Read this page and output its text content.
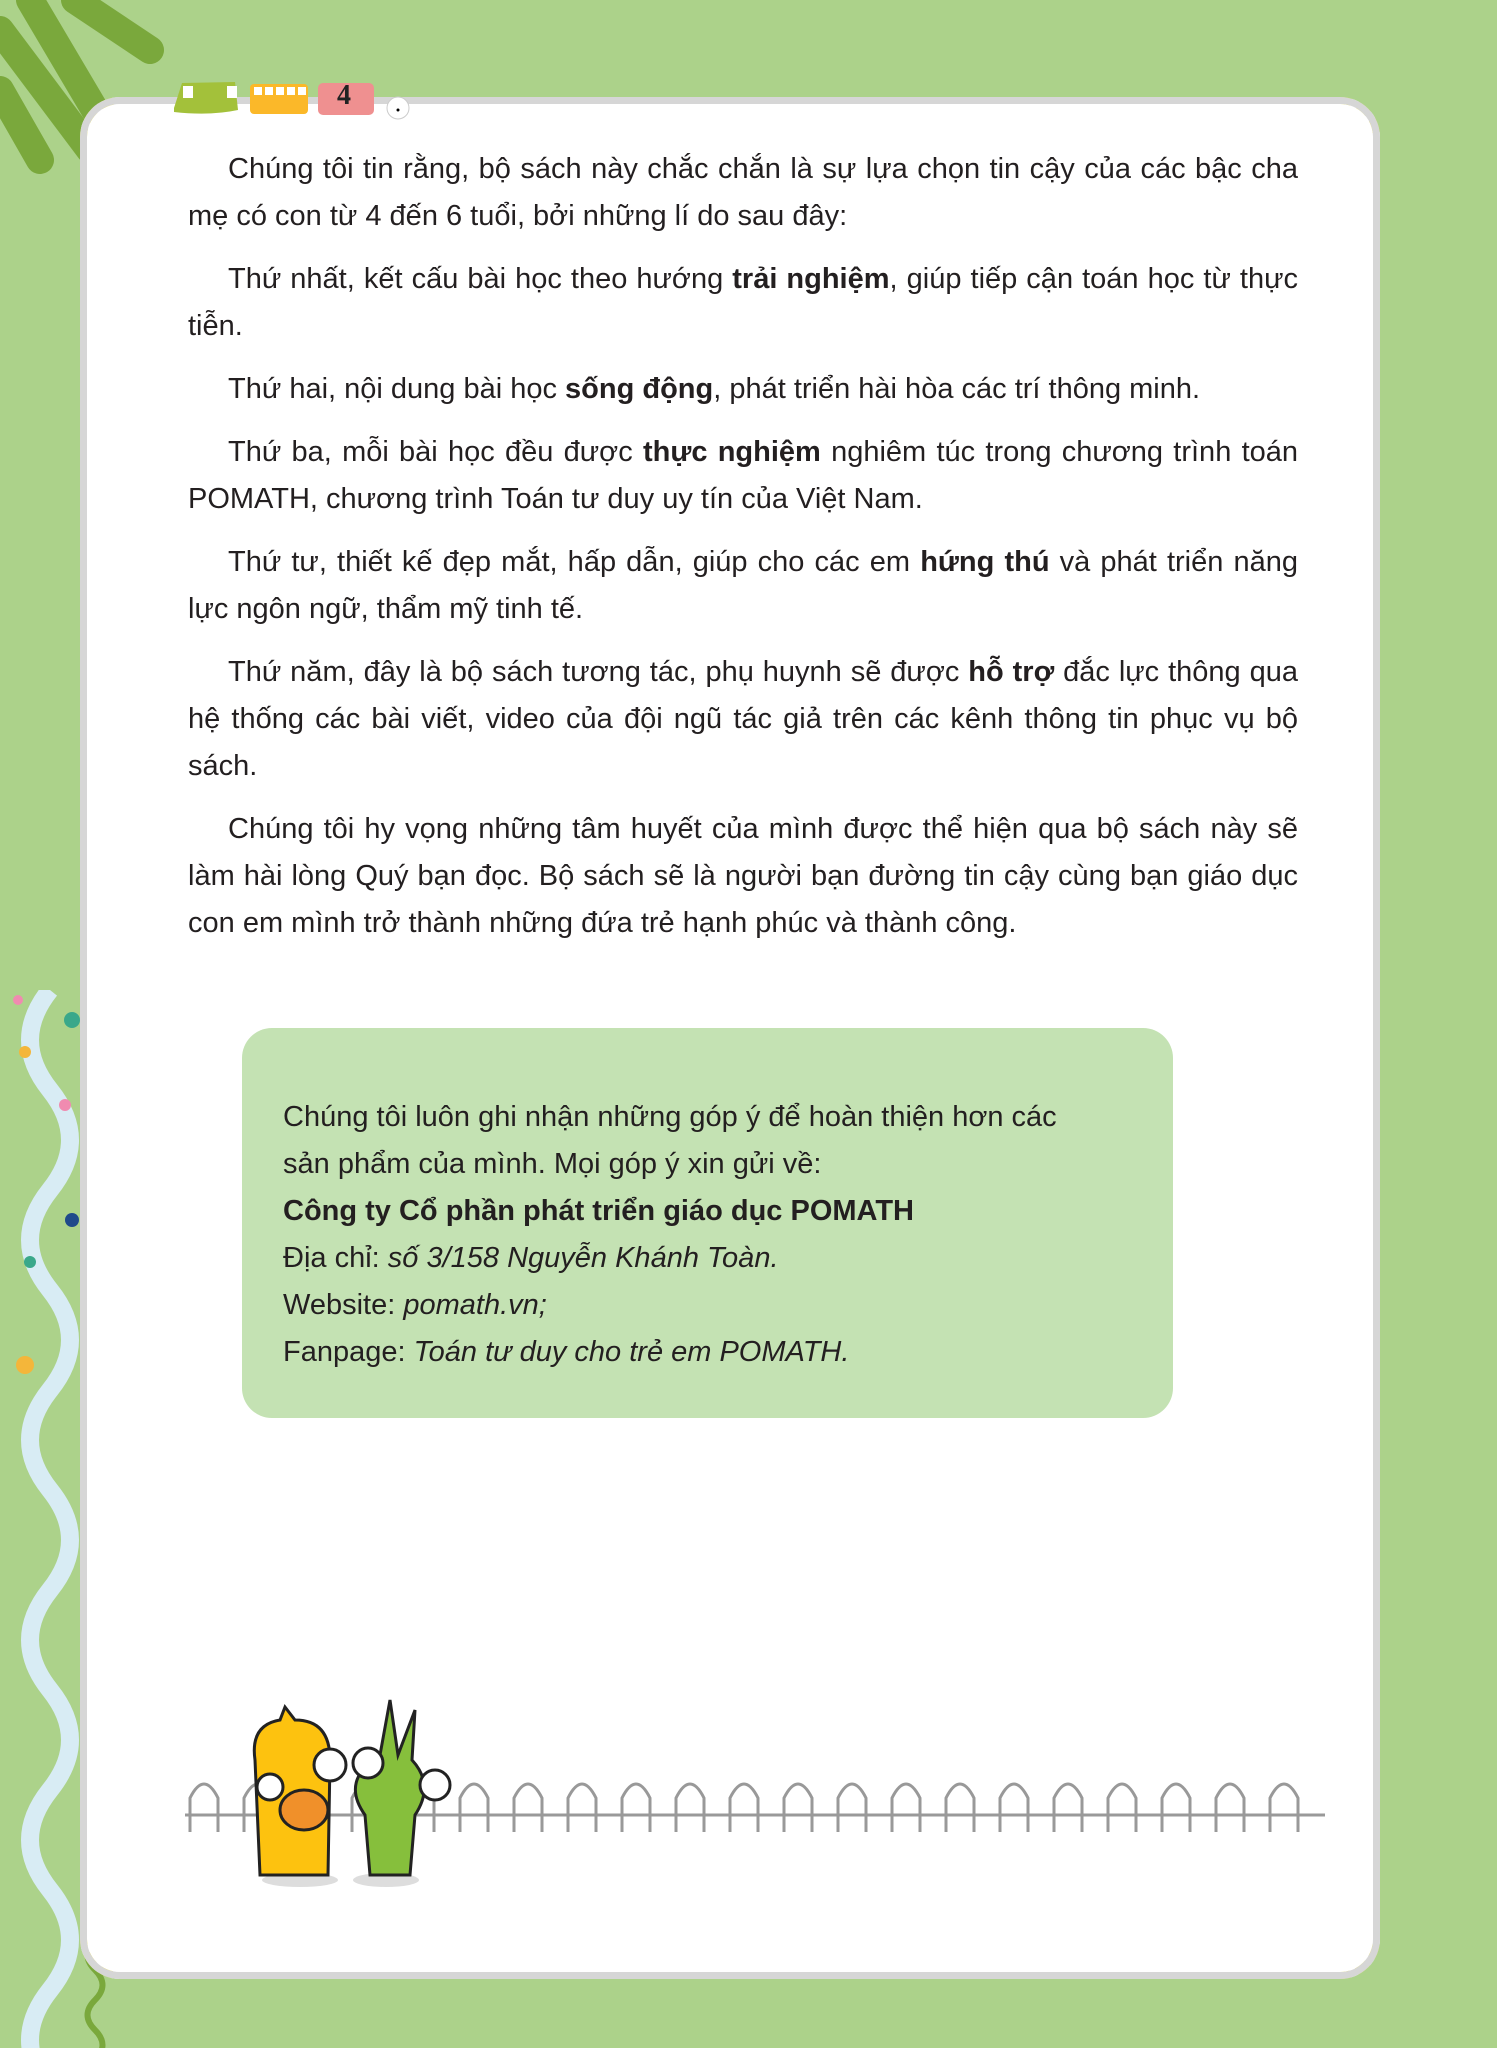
4

Chúng tôi tin rằng, bộ sách này chắc chắn là sự lựa chọn tin cậy của các bậc cha mẹ có con từ 4 đến 6 tuổi, bởi những lí do sau đây:

Thứ nhất, kết cấu bài học theo hướng trải nghiệm, giúp tiếp cận toán học từ thực tiễn.

Thứ hai, nội dung bài học sống động, phát triển hài hòa các trí thông minh.

Thứ ba, mỗi bài học đều được thực nghiệm nghiêm túc trong chương trình toán POMATH, chương trình Toán tư duy uy tín của Việt Nam.

Thứ tư, thiết kế đẹp mắt, hấp dẫn, giúp cho các em hứng thú và phát triển năng lực ngôn ngữ, thẩm mỹ tinh tế.

Thứ năm, đây là bộ sách tương tác, phụ huynh sẽ được hỗ trợ đắc lực thông qua hệ thống các bài viết, video của đội ngũ tác giả trên các kênh thông tin phục vụ bộ sách.

Chúng tôi hy vọng những tâm huyết của mình được thể hiện qua bộ sách này sẽ làm hài lòng Quý bạn đọc. Bộ sách sẽ là người bạn đường tin cậy cùng bạn giáo dục con em mình trở thành những đứa trẻ hạnh phúc và thành công.

Chúng tôi luôn ghi nhận những góp ý để hoàn thiện hơn các
sản phẩm của mình. Mọi góp ý xin gửi về:
Công ty Cổ phần phát triển giáo dục POMATH
Địa chỉ: số 3/158 Nguyễn Khánh Toàn.
Website: pomath.vn;
Fanpage: Toán tư duy cho trẻ em POMATH.
